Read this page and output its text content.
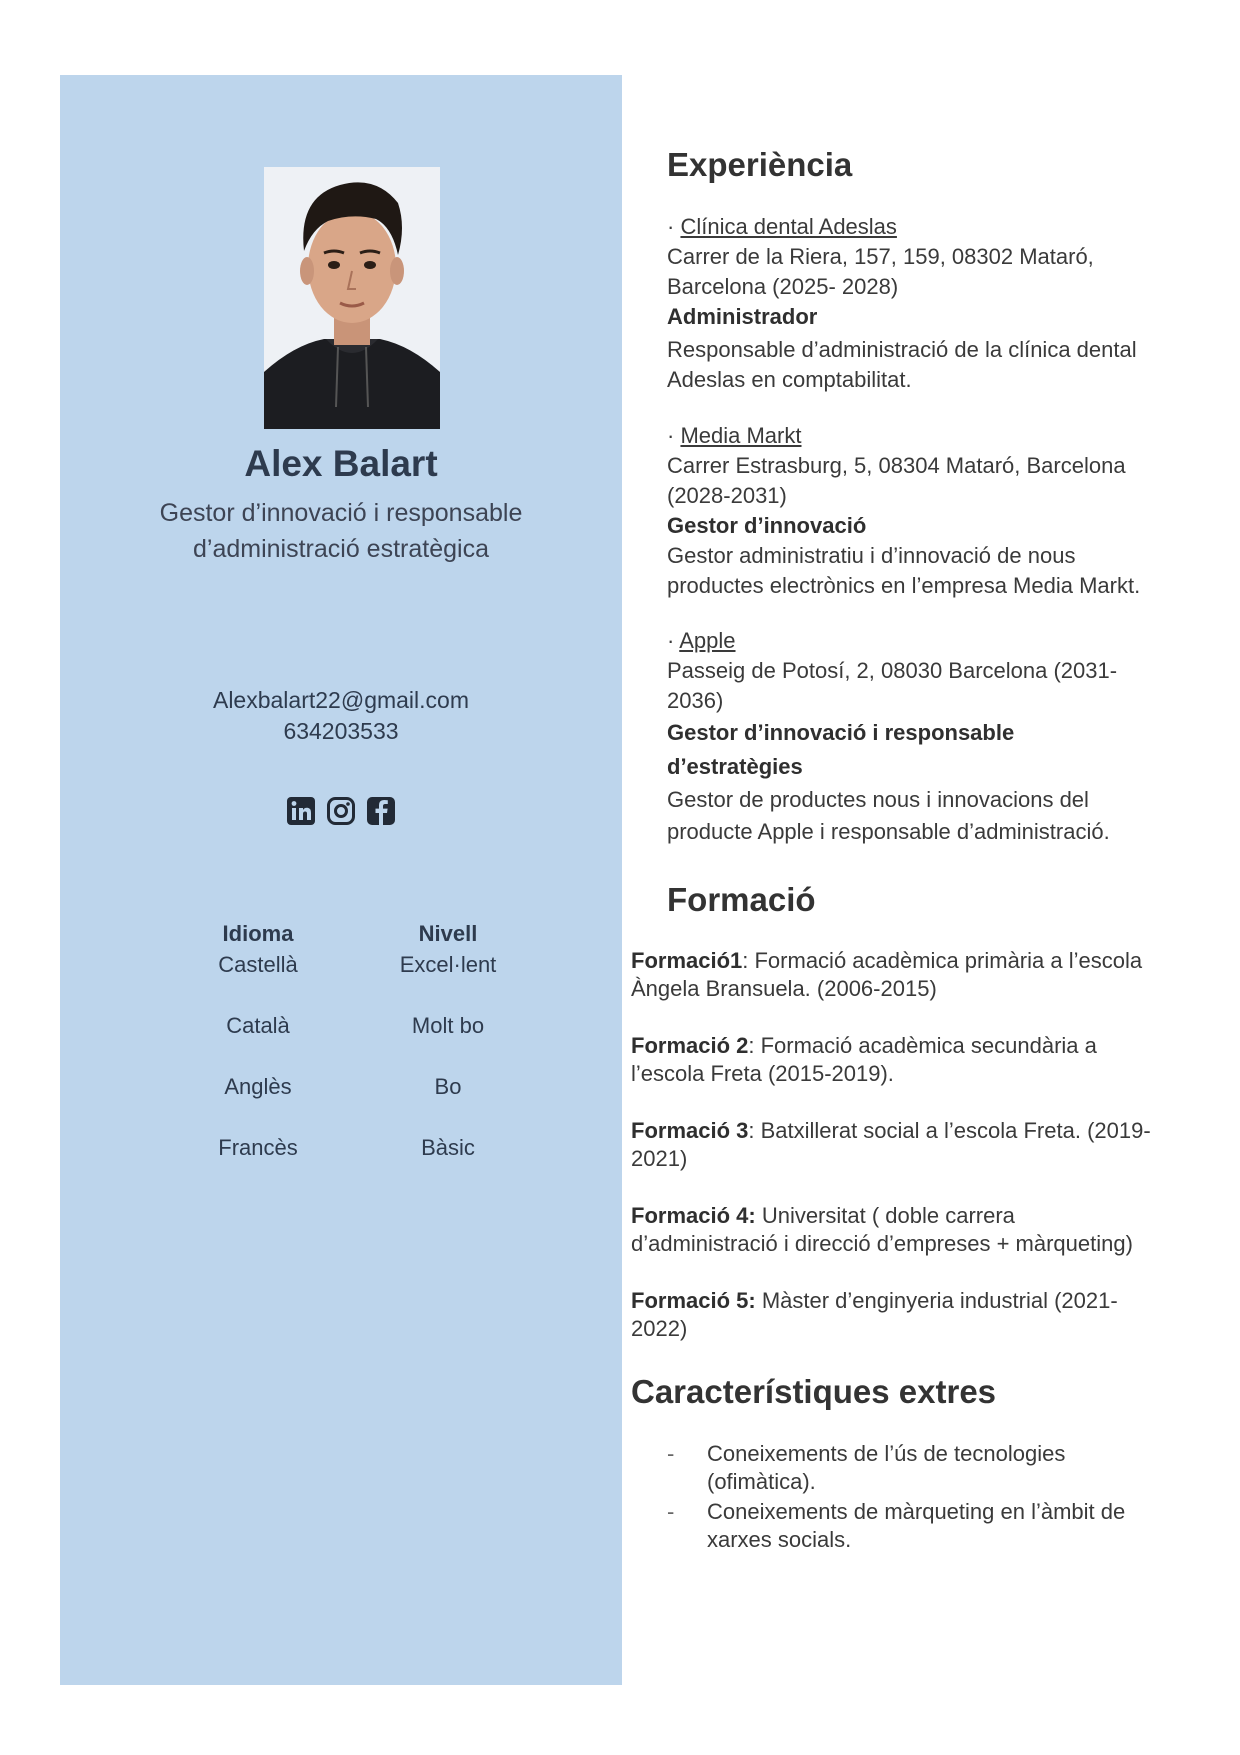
Alex Balart
Gestor d’innovació i responsable d’administració estratègica
Alexbalart22@gmail.com
634203533

Idioma	Nivell
Castellà	Excel·lent
Català	Molt bo
Anglès	Bo
Francès	Bàsic
Experiència
· Clínica dental Adeslas
Carrer de la Riera, 157, 159, 08302 Mataró, Barcelona (2025- 2028)
Administrador
Responsable d’administració de la clínica dental Adeslas en comptabilitat.
· Media Markt
Carrer Estrasburg, 5, 08304 Mataró, Barcelona (2028-2031)
Gestor d’innovació
Gestor administratiu i d’innovació de nous productes electrònics en l’empresa Media Markt.
· Apple
Passeig de Potosí, 2, 08030 Barcelona (2031-2036)
Gestor d’innovació i responsable d’estratègies
Gestor de productes nous i innovacions del producte Apple i responsable d’administració.
Formació
Formació1: Formació acadèmica primària a l’escola Àngela Bransuela. (2006-2015)
Formació 2: Formació acadèmica secundària a l’escola Freta (2015-2019).
Formació 3: Batxillerat social a l’escola Freta. (2019-2021)
Formació 4: Universitat ( doble carrera d’administració i direcció d’empreses + màrqueting)
Formació 5: Màster d’enginyeria industrial (2021-2022)
Característiques extres
-	Coneixements de l’ús de tecnologies (ofimàtica).
-	Coneixements de màrqueting en l’àmbit de xarxes socials.
